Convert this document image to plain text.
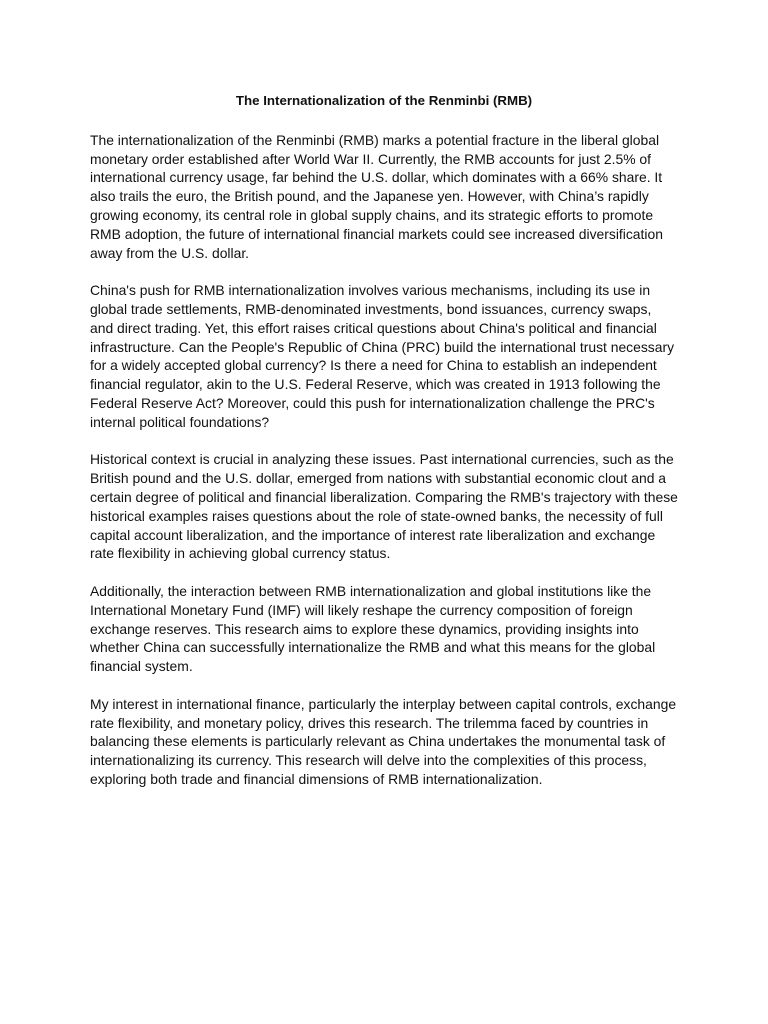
The Internationalization of the Renminbi (RMB)

The internationalization of the Renminbi (RMB) marks a potential fracture in the liberal global monetary order established after World War II. Currently, the RMB accounts for just 2.5% of international currency usage, far behind the U.S. dollar, which dominates with a 66% share. It also trails the euro, the British pound, and the Japanese yen. However, with China’s rapidly growing economy, its central role in global supply chains, and its strategic efforts to promote RMB adoption, the future of international financial markets could see increased diversification away from the U.S. dollar.

China's push for RMB internationalization involves various mechanisms, including its use in global trade settlements, RMB-denominated investments, bond issuances, currency swaps, and direct trading. Yet, this effort raises critical questions about China's political and financial infrastructure. Can the People's Republic of China (PRC) build the international trust necessary for a widely accepted global currency? Is there a need for China to establish an independent financial regulator, akin to the U.S. Federal Reserve, which was created in 1913 following the Federal Reserve Act? Moreover, could this push for internationalization challenge the PRC's internal political foundations?

Historical context is crucial in analyzing these issues. Past international currencies, such as the British pound and the U.S. dollar, emerged from nations with substantial economic clout and a certain degree of political and financial liberalization. Comparing the RMB's trajectory with these historical examples raises questions about the role of state-owned banks, the necessity of full capital account liberalization, and the importance of interest rate liberalization and exchange rate flexibility in achieving global currency status.

Additionally, the interaction between RMB internationalization and global institutions like the International Monetary Fund (IMF) will likely reshape the currency composition of foreign exchange reserves. This research aims to explore these dynamics, providing insights into whether China can successfully internationalize the RMB and what this means for the global financial system.

My interest in international finance, particularly the interplay between capital controls, exchange rate flexibility, and monetary policy, drives this research. The trilemma faced by countries in balancing these elements is particularly relevant as China undertakes the monumental task of internationalizing its currency. This research will delve into the complexities of this process, exploring both trade and financial dimensions of RMB internationalization.
